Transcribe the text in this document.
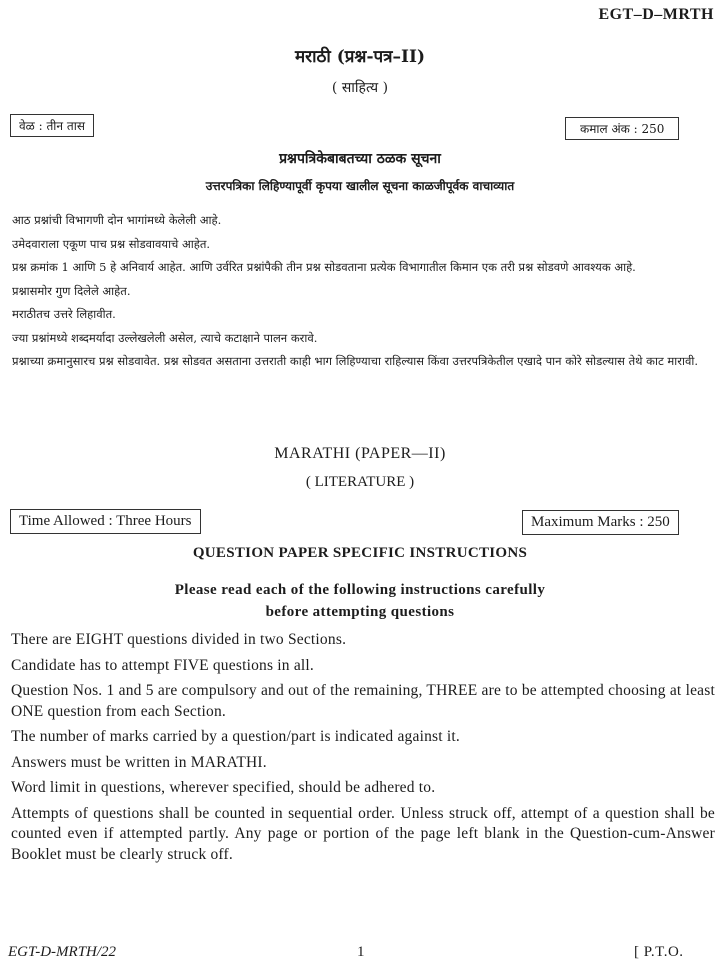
EGT–D–MRTH
मराठी (प्रश्न-पत्र–II)
( साहित्य )
वेळ : तीन तास	कमाल अंक : 250
प्रश्नपत्रिकेबाबतच्या ठळक सूचना
उत्तरपत्रिका लिहिण्यापूर्वी कृपया खालील सूचना काळजीपूर्वक वाचाव्यात

आठ प्रश्नांची विभागणी दोन भागांमध्ये केलेली आहे.

उमेदवाराला एकूण पाच प्रश्न सोडवावयाचे आहेत.

प्रश्न क्रमांक 1 आणि 5 हे अनिवार्य आहेत. आणि उर्वरित प्रश्नांपैकी तीन प्रश्न सोडवताना प्रत्येक विभागातील किमान एक तरी प्रश्न सोडवणे आवश्यक आहे.

प्रश्नासमोर गुण दिलेले आहेत.

मराठीतच उत्तरे लिहावीत.

ज्या प्रश्नांमध्ये शब्दमर्यादा उल्लेखलेली असेल, त्याचे कटाक्षाने पालन करावे.

प्रश्नाच्या क्रमानुसारच प्रश्न सोडवावेत. प्रश्न सोडवत असताना उत्तराती काही भाग लिहिण्याचा राहिल्यास किंवा उत्तरपत्रिकेतील एखादे पान कोरे सोडल्यास तेथे काट मारावी.

MARATHI (PAPER—II)
( LITERATURE )
Time Allowed : Three Hours	Maximum Marks : 250
QUESTION PAPER SPECIFIC INSTRUCTIONS
Please read each of the following instructions carefully
before attempting questions

There are EIGHT questions divided in two Sections.

Candidate has to attempt FIVE questions in all.

Question Nos. 1 and 5 are compulsory and out of the remaining, THREE are to be attempted choosing at least ONE question from each Section.

The number of marks carried by a question/part is indicated against it.

Answers must be written in MARATHI.

Word limit in questions, wherever specified, should be adhered to.

Attempts of questions shall be counted in sequential order. Unless struck off, attempt of a question shall be counted even if attempted partly. Any page or portion of the page left blank in the Question-cum-Answer Booklet must be clearly struck off.

EGT-D-MRTH/22	1	[ P.T.O.
